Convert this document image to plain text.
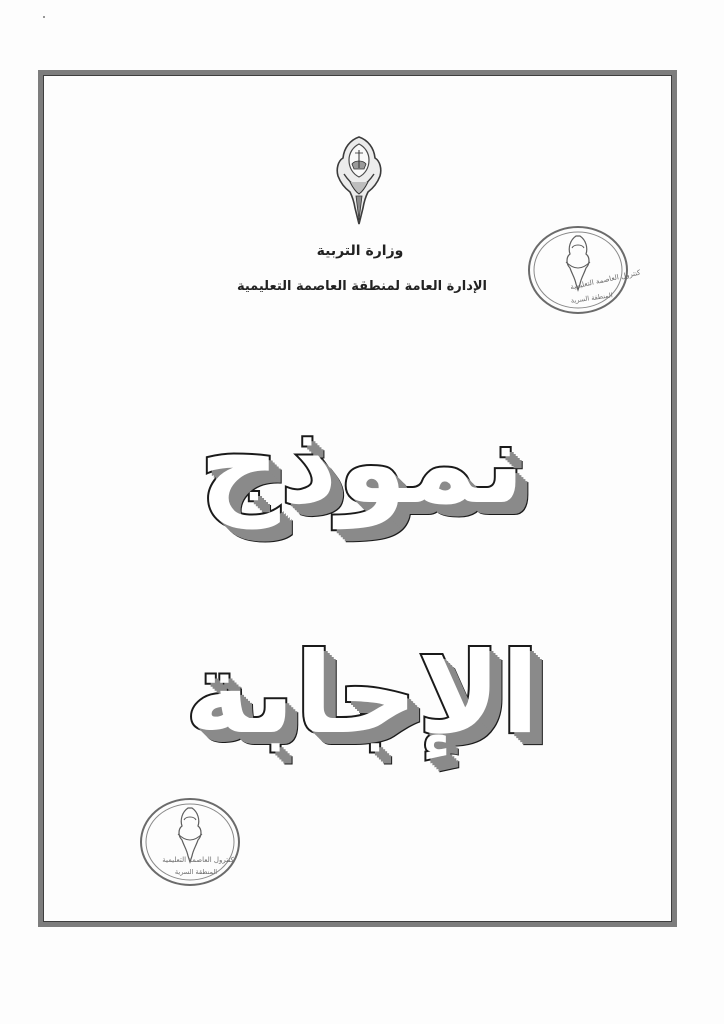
وزارة التربية

الإدارة العامة لمنطقة العاصمة التعليمية	كنترول العاصمة التعليمية
المنطقة السرية

نموذج

الإجابة

كنترول العاصمة التعليمية
المنطقة السرية
